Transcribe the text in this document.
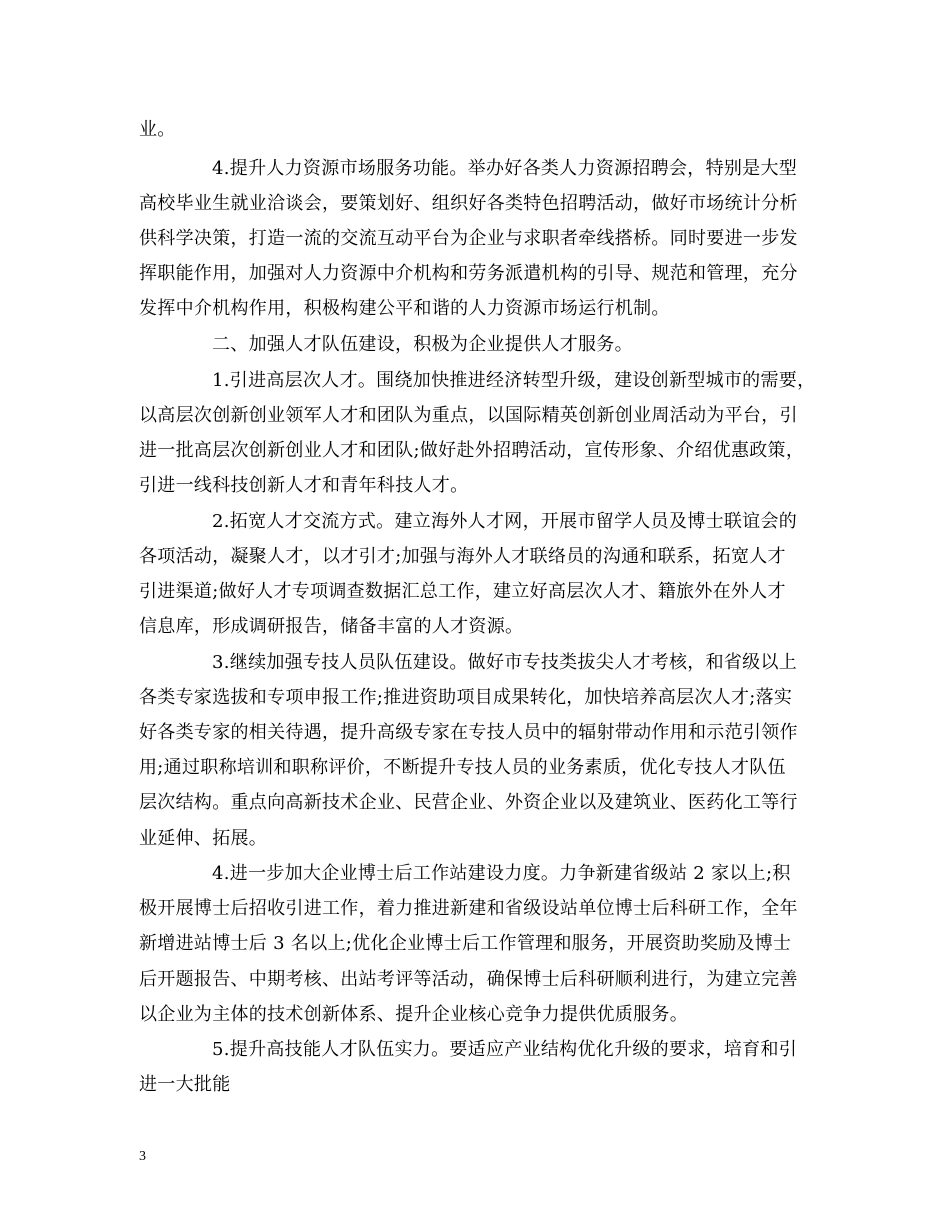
业。
4.提升人力资源市场服务功能。举办好各类人力资源招聘会，特别是大型
高校毕业生就业洽谈会，要策划好、组织好各类特色招聘活动，做好市场统计分析
供科学决策，打造一流的交流互动平台为企业与求职者牵线搭桥。同时要进一步发
挥职能作用，加强对人力资源中介机构和劳务派遣机构的引导、规范和管理，充分
发挥中介机构作用，积极构建公平和谐的人力资源市场运行机制。
二、加强人才队伍建设，积极为企业提供人才服务。
1.引进高层次人才。围绕加快推进经济转型升级，建设创新型城市的需要，
以高层次创新创业领军人才和团队为重点，以国际精英创新创业周活动为平台，引
进一批高层次创新创业人才和团队;做好赴外招聘活动，宣传形象、介绍优惠政策，
引进一线科技创新人才和青年科技人才。
2.拓宽人才交流方式。建立海外人才网，开展市留学人员及博士联谊会的
各项活动，凝聚人才，以才引才;加强与海外人才联络员的沟通和联系，拓宽人才
引进渠道;做好人才专项调查数据汇总工作，建立好高层次人才、籍旅外在外人才
信息库，形成调研报告，储备丰富的人才资源。
3.继续加强专技人员队伍建设。做好市专技类拔尖人才考核，和省级以上
各类专家选拔和专项申报工作;推进资助项目成果转化，加快培养高层次人才;落实
好各类专家的相关待遇，提升高级专家在专技人员中的辐射带动作用和示范引领作
用;通过职称培训和职称评价，不断提升专技人员的业务素质，优化专技人才队伍
层次结构。重点向高新技术企业、民营企业、外资企业以及建筑业、医药化工等行
业延伸、拓展。
4.进一步加大企业博士后工作站建设力度。力争新建省级站 2 家以上;积
极开展博士后招收引进工作，着力推进新建和省级设站单位博士后科研工作，全年
新增进站博士后 3 名以上;优化企业博士后工作管理和服务，开展资助奖励及博士
后开题报告、中期考核、出站考评等活动，确保博士后科研顺利进行，为建立完善
以企业为主体的技术创新体系、提升企业核心竞争力提供优质服务。
5.提升高技能人才队伍实力。要适应产业结构优化升级的要求，培育和引
进一大批能
3
